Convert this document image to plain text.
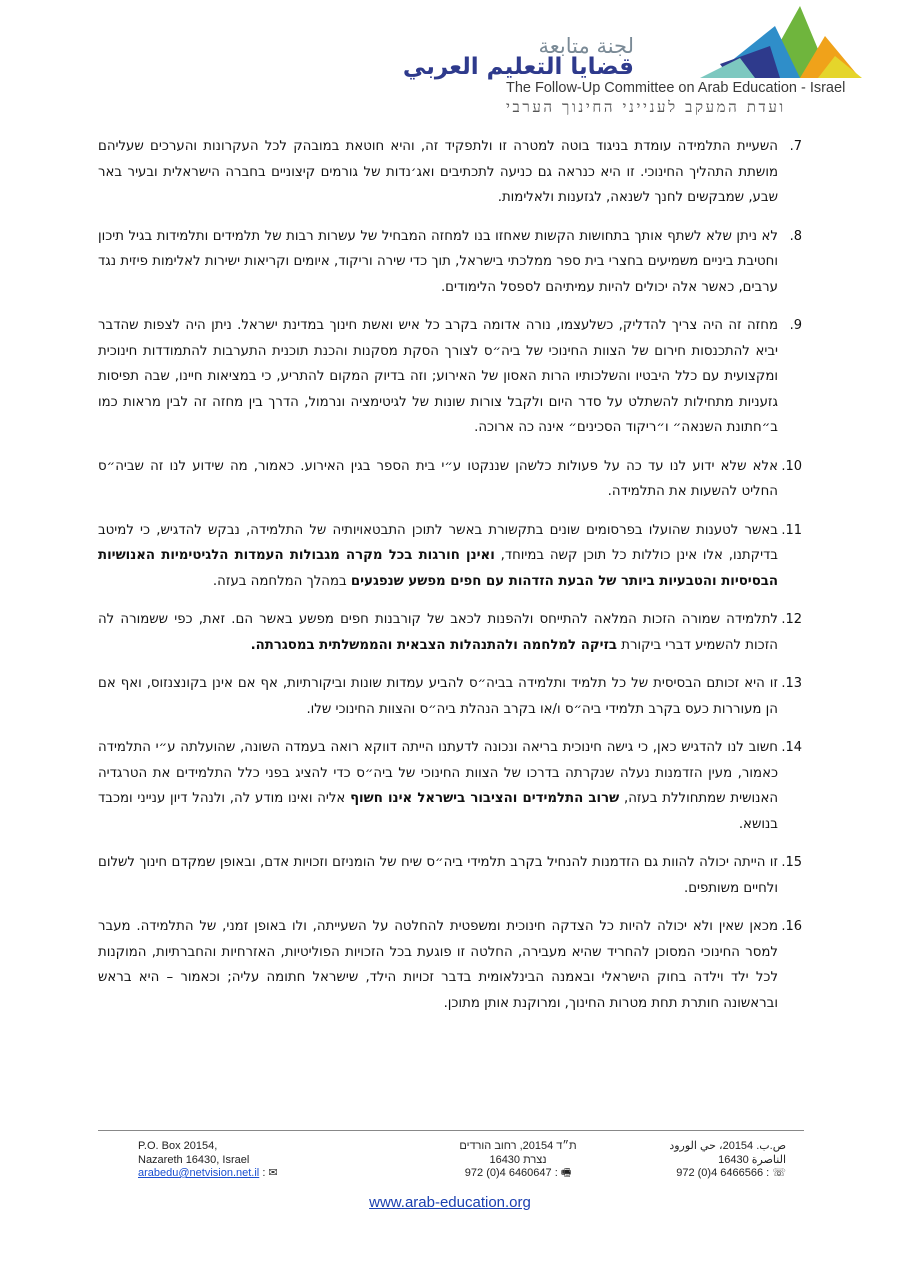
لجنة متابعة
قضايا التعليم العربي
The Follow-Up Committee on Arab Education - Israel
ועדת המעקב לענייני החינוך הערבי
7.
השעיית התלמידה עומדת בניגוד בוטה למטרה זו ולתפקיד זה, והיא חוטאת במובהק לכל העקרונות והערכים שעליהם מושתת התהליך החינוכי. זו היא כנראה גם כניעה לתכתיבים ואג׳נדות של גורמים קיצוניים בחברה הישראלית ובעיר באר שבע, שמבקשים לחנך לשנאה, לגזענות ולאלימות.
8.
לא ניתן שלא לשתף אותך בתחושות הקשות שאחזו בנו למחזה המבחיל של עשרות רבות של תלמידים ותלמידות בגיל תיכון וחטיבת ביניים משמיעים בחצרי בית ספר ממלכתי בישראל, תוך כדי שירה וריקוד, איומים וקריאות ישירות לאלימות פיזית נגד ערבים, כאשר אלה יכולים להיות עמיתיהם לספסל הלימודים.
9.
מחזה זה היה צריך להדליק, כשלעצמו, נורה אדומה בקרב כל איש ואשת חינוך במדינת ישראל. ניתן היה לצפות שהדבר יביא להתכנסות חירום של הצוות החינוכי של ביה״ס לצורך הסקת מסקנות והכנת תוכנית התערבות להתמודדות חינוכית ומקצועית עם כלל היבטיו והשלכותיו הרות האסון של האירוע; וזה בדיוק המקום להתריע, כי במציאות חיינו, שבה תפיסות גזעניות מתחילות להשתלט על סדר היום ולקבל צורות שונות של לגיטימציה ונרמול, הדרך בין מחזה זה לבין מראות כמו ב״חתונת השנאה״ ו״ריקוד הסכינים״ אינה כה ארוכה.
10.
אלא שלא ידוע לנו עד כה על פעולות כלשהן שננקטו ע״י בית הספר בגין האירוע. כאמור, מה שידוע לנו זה שביה״ס החליט להשעות את התלמידה.
11.
באשר לטענות שהועלו בפרסומים שונים בתקשורת באשר לתוכן התבטאויותיה של התלמידה, נבקש להדגיש, כי למיטב בדיקתנו, אלו אינן כוללות כל תוכן קשה במיוחד, ואינן חורגות בכל מקרה מגבולות העמדות הלגיטימיות האנושיות הבסיסיות והטבעיות ביותר של הבעת הזדהות עם חפים מפשע שנפגעים במהלך המלחמה בעזה.
12.
לתלמידה שמורה הזכות המלאה להתייחס ולהפנות לכאב של קורבנות חפים מפשע באשר הם. זאת, כפי ששמורה לה הזכות להשמיע דברי ביקורת בזיקה למלחמה ולהתנהלות הצבאית והממשלתית במסגרתה.
13.
זו היא זכותם הבסיסית של כל תלמיד ותלמידה בביה״ס להביע עמדות שונות וביקורתיות, אף אם אינן בקונצנזוס, ואף אם הן מעוררות כעס בקרב תלמידי ביה״ס ו/או בקרב הנהלת ביה״ס והצוות החינוכי שלו.
14.
חשוב לנו להדגיש כאן, כי גישה חינוכית בריאה ונכונה לדעתנו הייתה דווקא רואה בעמדה השונה, שהועלתה ע״י התלמידה כאמור, מעין הזדמנות נעלה שנקרתה בדרכו של הצוות החינוכי של ביה״ס כדי להציג בפני כלל התלמידים את הטרגדיה האנושית שמתחוללת בעזה, שרוב התלמידים והציבור בישראל אינו חשוף אליה ואינו מודע לה, ולנהל דיון ענייני ומכבד בנושא.
15.
זו הייתה יכולה להוות גם הזדמנות להנחיל בקרב תלמידי ביה״ס שיח של הומניזם וזכויות אדם, ובאופן שמקדם חינוך לשלום ולחיים משותפים.
16.
מכאן שאין ולא יכולה להיות כל הצדקה חינוכית ומשפטית להחלטה על השעייתה, ולו באופן זמני, של התלמידה. מעבר למסר החינוכי המסוכן להחריד שהיא מעבירה, החלטה זו פוגעת בכל הזכויות הפוליטיות, האזרחיות והחברתיות, המוקנות לכל ילד וילדה בחוק הישראלי ובאמנה הבינלאומית בדבר זכויות הילד, שישראל חתומה עליה; וכאמור – היא בראש ובראשונה חותרת תחת מטרות החינוך, ומרוקנת אותן מתוכן.
P.O. Box 20154,
Nazareth 16430, Israel
arabedu@netvision.net.il : ✉
ת״ד 20154, רחוב הורדים
נצרת 16430
972 (0)4 6460647 : 🖷
ص.ب. 20154، حي الورود
الناصرة 16430
972 (0)4 6466566 : ☏
www.arab-education.org
